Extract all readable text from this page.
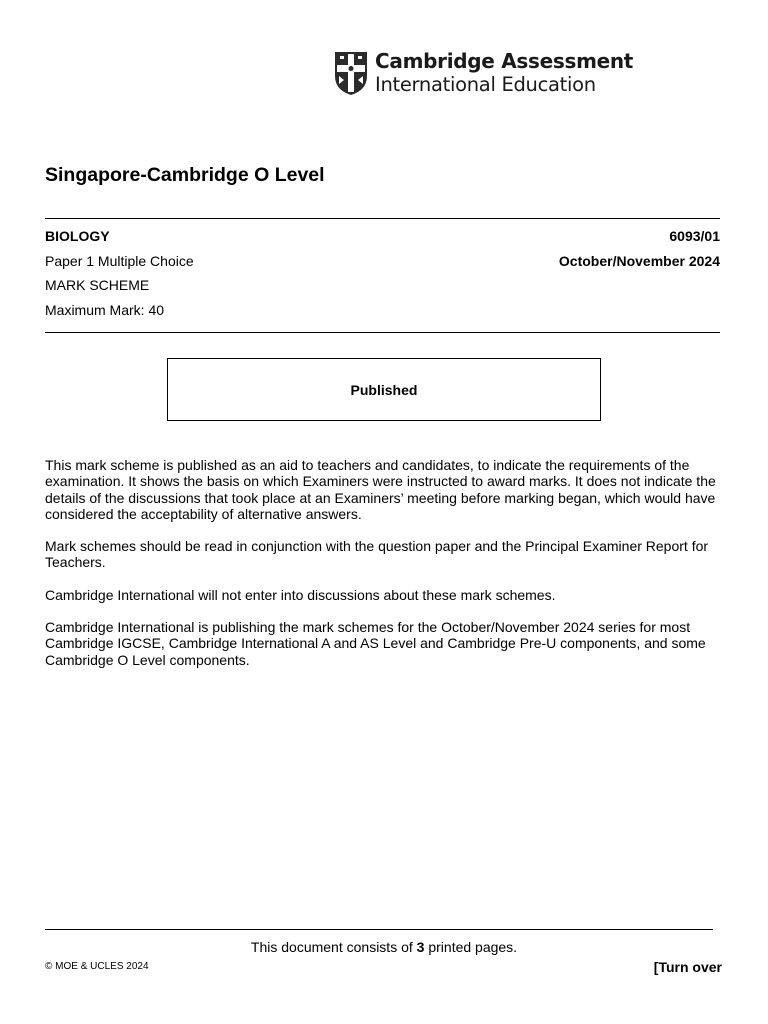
Cambridge Assessment
International Education
Singapore-Cambridge O Level
BIOLOGY	6093/01
Paper 1 Multiple Choice	October/November 2024
MARK SCHEME
Maximum Mark: 40
Published

This mark scheme is published as an aid to teachers and candidates, to indicate the requirements of the examination. It shows the basis on which Examiners were instructed to award marks. It does not indicate the details of the discussions that took place at an Examiners’ meeting before marking began, which would have considered the acceptability of alternative answers.

Mark schemes should be read in conjunction with the question paper and the Principal Examiner Report for Teachers.

Cambridge International will not enter into discussions about these mark schemes.

Cambridge International is publishing the mark schemes for the October/November 2024 series for most Cambridge IGCSE, Cambridge International A and AS Level and Cambridge Pre-U components, and some Cambridge O Level components.

This document consists of 3 printed pages.
© MOE & UCLES 2024	[Turn over
